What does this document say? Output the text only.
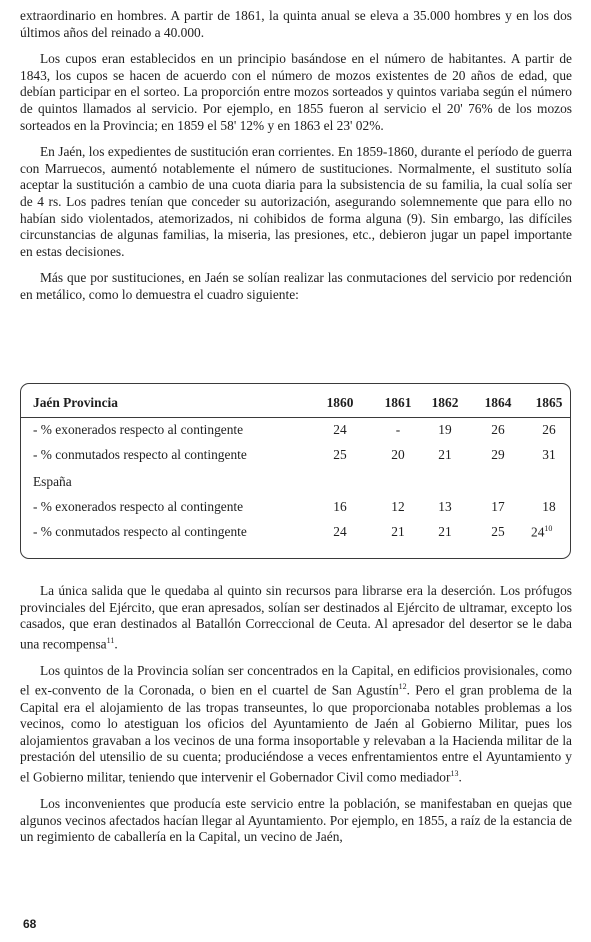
extraordinario en hombres. A partir de 1861, la quinta anual se eleva a 35.000 hombres y en los dos últimos años del reinado a 40.000.

Los cupos eran establecidos en un principio basándose en el número de habitantes. A partir de 1843, los cupos se hacen de acuerdo con el número de mozos existentes de 20 años de edad, que debían participar en el sorteo. La proporción entre mozos sorteados y quintos variaba según el número de quintos llamados al servicio. Por ejemplo, en 1855 fueron al servicio el 20' 76% de los mozos sorteados en la Provincia; en 1859 el 58' 12% y en 1863 el 23' 02%.

En Jaén, los expedientes de sustitución eran corrientes. En 1859-1860, durante el período de guerra con Marruecos, aumentó notablemente el número de sustituciones. Normalmente, el sustituto solía aceptar la sustitución a cambio de una cuota diaria para la subsistencia de su familia, la cual solía ser de 4 rs. Los padres tenían que conceder su autorización, asegurando solemnemente que para ello no habían sido violentados, atemorizados, ni cohibidos de forma alguna (9). Sin embargo, las difíciles circunstancias de algunas familias, la miseria, las presiones, etc., debieron jugar un papel importante en estas decisiones.

Más que por sustituciones, en Jaén se solían realizar las conmutaciones del servicio por redención en metálico, como lo demuestra el cuadro siguiente:

Jaén Provincia	1860	1861	1862	1864	1865
- % exonerados respecto al contingente	24	-	19	26	26
- % conmutados respecto al contingente	25	20	21	29	31
España
- % exonerados respecto al contingente	16	12	13	17	18
- % conmutados respecto al contingente	24	21	21	25	$24^{10}$

La única salida que le quedaba al quinto sin recursos para librarse era la deserción. Los prófugos provinciales del Ejército, que eran apresados, solían ser destinados al Ejército de ultramar, excepto los casados, que eran destinados al Batallón Correccional de Ceuta. Al apresador del desertor se le daba una recompensa$^{11}$.

Los quintos de la Provincia solían ser concentrados en la Capital, en edificios provisionales, como el ex-convento de la Coronada, o bien en el cuartel de San Agustín$^{12}$. Pero el gran problema de la Capital era el alojamiento de las tropas transeuntes, lo que proporcionaba notables problemas a los vecinos, como lo atestiguan los oficios del Ayuntamiento de Jaén al Gobierno Militar, pues los alojamientos gravaban a los vecinos de una forma insoportable y relevaban a la Hacienda militar de la prestación del utensilio de su cuenta; produciéndose a veces enfrentamientos entre el Ayuntamiento y el Gobierno militar, teniendo que intervenir el Gobernador Civil como mediador$^{13}$.

Los inconvenientes que producía este servicio entre la población, se manifestaban en quejas que algunos vecinos afectados hacían llegar al Ayuntamiento. Por ejemplo, en 1855, a raíz de la estancia de un regimiento de caballería en la Capital, un vecino de Jaén,

68
